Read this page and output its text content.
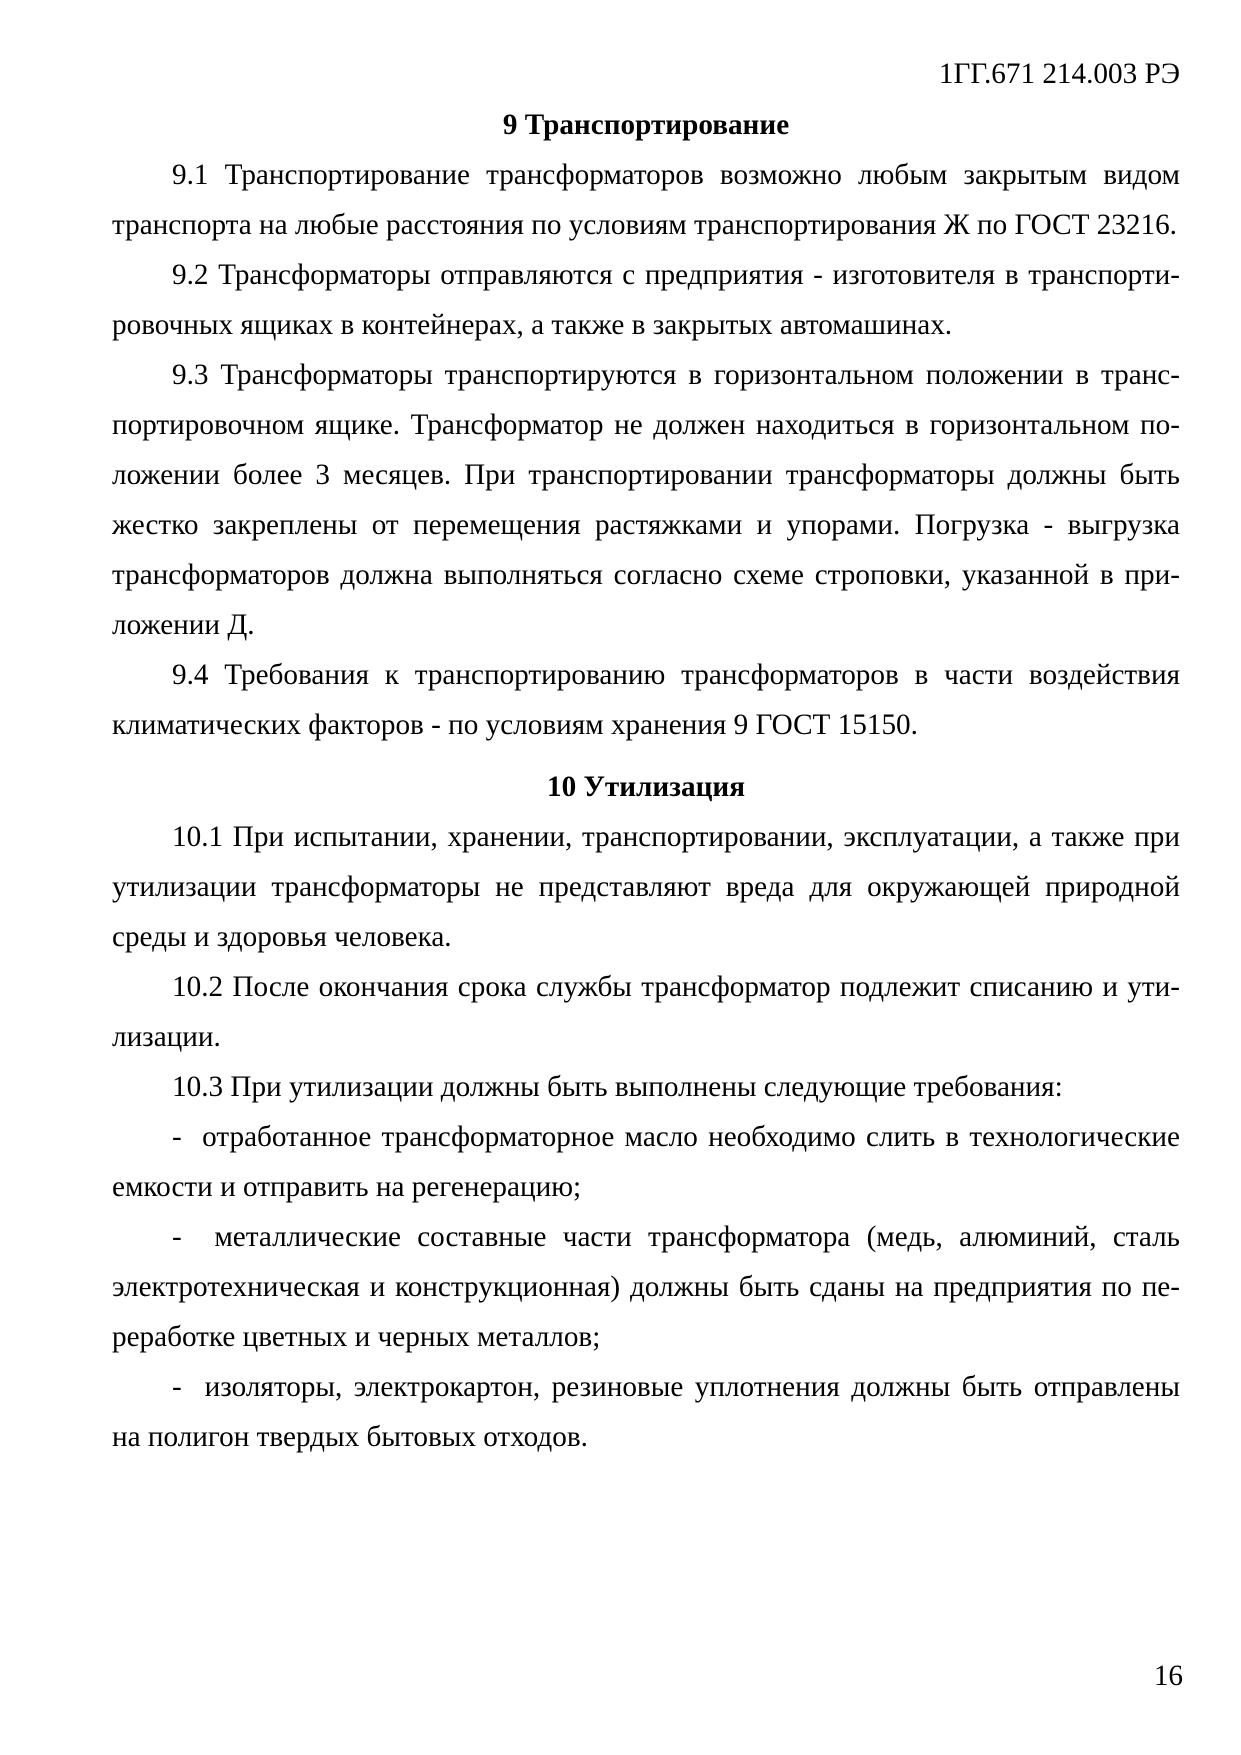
1ГГ.671 214.003 РЭ
9 Транспортирование

9.1 Транспортирование трансформаторов возможно любым закрытым видом транспорта на любые расстояния по условиям транспортирования Ж по ГОСТ 23216.

9.2 Трансформаторы отправляются с предприятия - изготовителя в транспортировочных ящиках в контейнерах, а также в закрытых автомашинах.

9.3 Трансформаторы транспортируются в горизонтальном положении в транспортировочном ящике. Трансформатор не должен находиться в горизонтальном положении более 3 месяцев. При транспортировании трансформаторы должны быть жестко закреплены от перемещения растяжками и упорами. Погрузка - выгрузка трансформаторов должна выполняться согласно схеме строповки, указанной в приложении Д.

9.4 Требования к транспортированию трансформаторов в части воздействия климатических факторов - по условиям хранения 9 ГОСТ 15150.

10 Утилизация

10.1 При испытании, хранении, транспортировании, эксплуатации, а также при утилизации трансформаторы не представляют вреда для окружающей природной среды и здоровья человека.

10.2 После окончания срока службы трансформатор подлежит списанию и утилизации.

10.3 При утилизации должны быть выполнены следующие требования:

-  отработанное трансформаторное масло необходимо слить в технологические емкости и отправить на регенерацию;

-  металлические составные части трансформатора (медь, алюминий, сталь электротехническая и конструкционная) должны быть сданы на предприятия по переработке цветных и черных металлов;

-  изоляторы, электрокартон, резиновые уплотнения должны быть отправлены на полигон твердых бытовых отходов.

16
